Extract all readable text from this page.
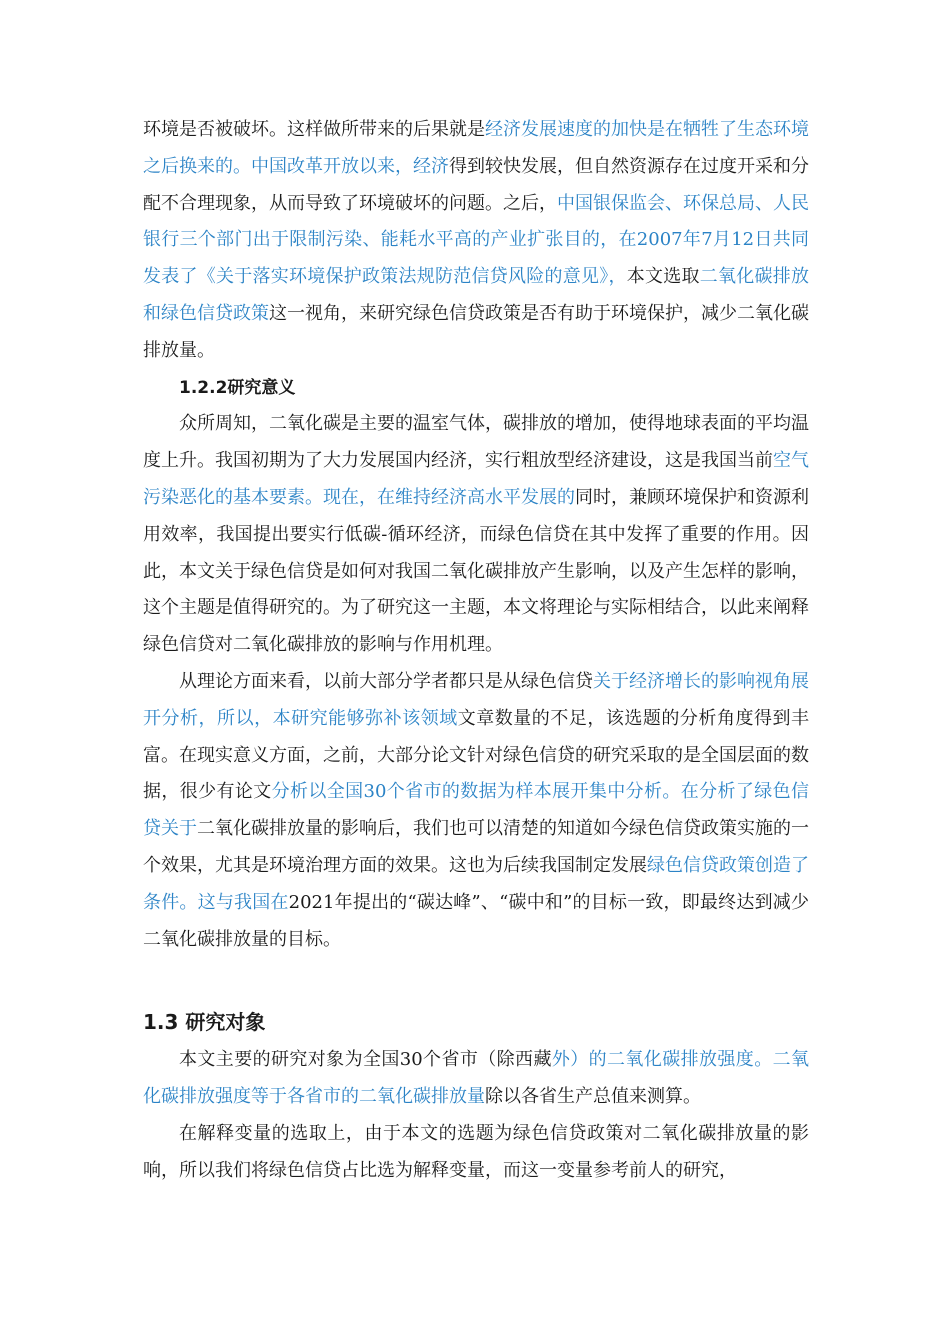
环境是否被破坏。这样做所带来的后果就是经济发展速度的加快是在牺牲了生态环境之后换来的。中国改革开放以来，经济得到较快发展，但自然资源存在过度开采和分配不合理现象，从而导致了环境破坏的问题。之后，中国银保监会、环保总局、人民银行三个部门出于限制污染、能耗水平高的产业扩张目的，在2007年7月12日共同发表了《关于落实环境保护政策法规防范信贷风险的意见》，本文选取二氧化碳排放和绿色信贷政策这一视角，来研究绿色信贷政策是否有助于环境保护，减少二氧化碳排放量。

1.2.2研究意义

众所周知，二氧化碳是主要的温室气体，碳排放的增加，使得地球表面的平均温度上升。我国初期为了大力发展国内经济，实行粗放型经济建设，这是我国当前空气污染恶化的基本要素。现在，在维持经济高水平发展的同时，兼顾环境保护和资源利用效率，我国提出要实行低碳-循环经济，而绿色信贷在其中发挥了重要的作用。因此，本文关于绿色信贷是如何对我国二氧化碳排放产生影响，以及产生怎样的影响，这个主题是值得研究的。为了研究这一主题，本文将理论与实际相结合，以此来阐释绿色信贷对二氧化碳排放的影响与作用机理。

从理论方面来看，以前大部分学者都只是从绿色信贷关于经济增长的影响视角展开分析，所以，本研究能够弥补该领域文章数量的不足，该选题的分析角度得到丰富。在现实意义方面，之前，大部分论文针对绿色信贷的研究采取的是全国层面的数据，很少有论文分析以全国30个省市的数据为样本展开集中分析。在分析了绿色信贷关于二氧化碳排放量的影响后，我们也可以清楚的知道如今绿色信贷政策实施的一个效果，尤其是环境治理方面的效果。这也为后续我国制定发展绿色信贷政策创造了条件。这与我国在2021年提出的“碳达峰”、“碳中和”的目标一致，即最终达到减少二氧化碳排放量的目标。

1.3 研究对象

本文主要的研究对象为全国30个省市（除西藏外）的二氧化碳排放强度。二氧化碳排放强度等于各省市的二氧化碳排放量除以各省生产总值来测算。

在解释变量的选取上，由于本文的选题为绿色信贷政策对二氧化碳排放量的影响，所以我们将绿色信贷占比选为解释变量，而这一变量参考前人的研究，
